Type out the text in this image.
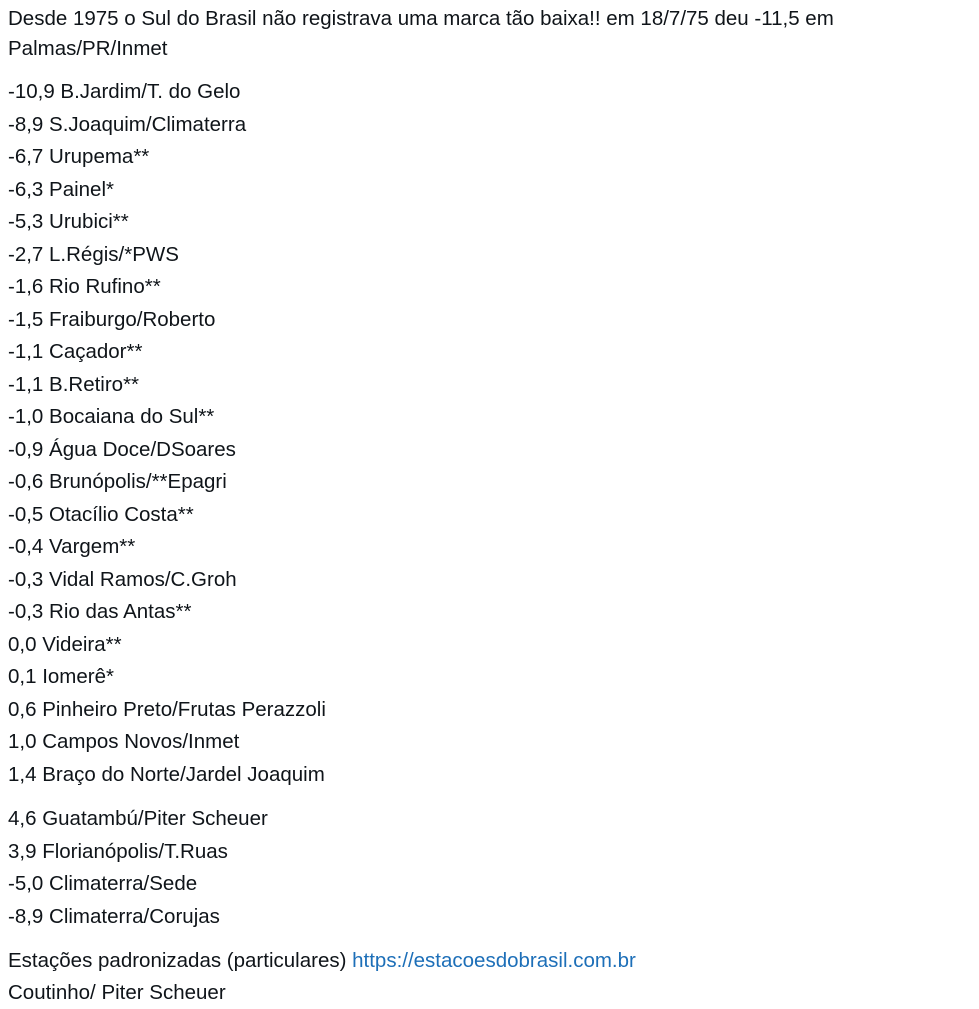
Desde 1975 o Sul do Brasil não registrava uma marca tão baixa!! em 18/7/75 deu -11,5 em Palmas/PR/Inmet
-10,9 B.Jardim/T. do Gelo
-8,9 S.Joaquim/Climaterra
-6,7 Urupema**
-6,3 Painel*
-5,3 Urubici**
-2,7 L.Régis/*PWS
-1,6 Rio Rufino**
-1,5 Fraiburgo/Roberto
-1,1 Caçador**
-1,1 B.Retiro**
-1,0 Bocaiana do Sul**
-0,9 Água Doce/DSoares
-0,6 Brunópolis/**Epagri
-0,5 Otacílio Costa**
-0,4 Vargem**
-0,3 Vidal Ramos/C.Groh
-0,3 Rio das Antas**
0,0 Videira**
0,1 Iomerê*
0,6 Pinheiro Preto/Frutas Perazzoli
1,0 Campos Novos/Inmet
1,4 Braço do Norte/Jardel Joaquim
4,6 Guatambú/Piter Scheuer
3,9 Florianópolis/T.Ruas
-5,0 Climaterra/Sede
-8,9 Climaterra/Corujas
Estações padronizadas (particulares) https://estacoesdobrasil.com.br
Coutinho/ Piter Scheuer
